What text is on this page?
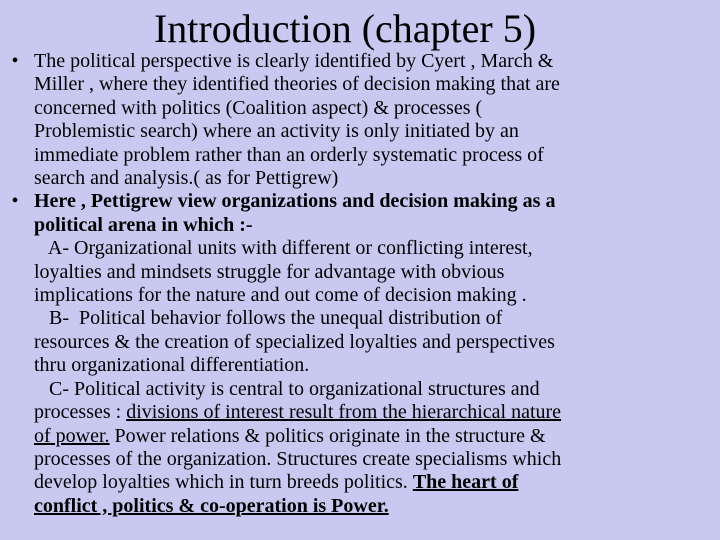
Introduction (chapter 5)
• The political perspective is clearly identified by Cyert , March &
Miller , where they identified theories of decision making that are
concerned with politics (Coalition aspect) & processes (
Problemistic search) where an activity is only initiated by an
immediate problem rather than an orderly systematic process of
search and analysis.( as for Pettigrew)
• Here , Pettigrew view organizations and decision making as a
political arena in which :-
A- Organizational units with different or conflicting interest,
loyalties and mindsets struggle for advantage with obvious
implications for the nature and out come of decision making .
B-  Political behavior follows the unequal distribution of
resources & the creation of specialized loyalties and perspectives
thru organizational differentiation.
C- Political activity is central to organizational structures and
processes : divisions of interest result from the hierarchical nature
of power. Power relations & politics originate in the structure &
processes of the organization. Structures create specialisms which
develop loyalties which in turn breeds politics. The heart of
conflict , politics & co-operation is Power.
